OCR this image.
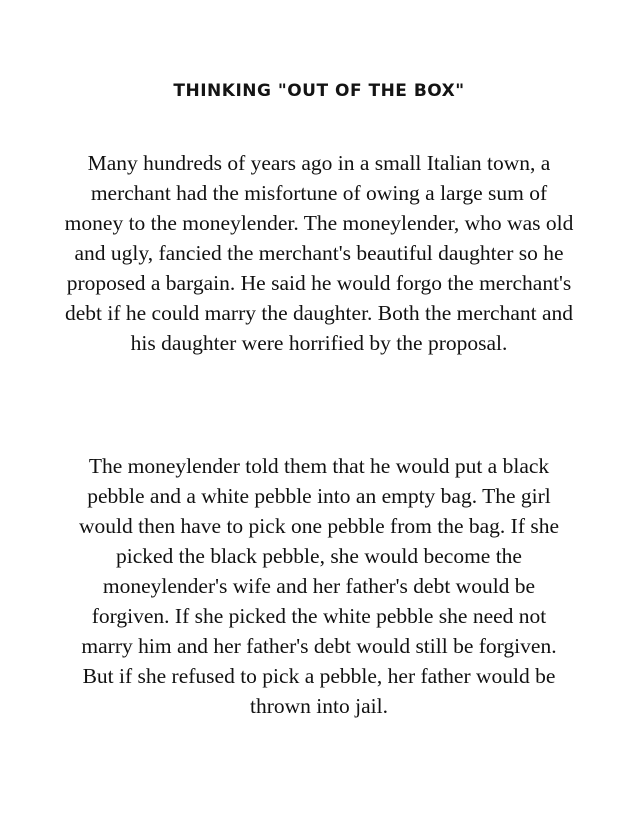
THINKING "OUT OF THE BOX"

Many hundreds of years ago in a small Italian town, a merchant had the misfortune of owing a large sum of money to the moneylender. The moneylender, who was old and ugly, fancied the merchant's beautiful daughter so he proposed a bargain. He said he would forgo the merchant's debt if he could marry the daughter. Both the merchant and his daughter were horrified by the proposal.

The moneylender told them that he would put a black pebble and a white pebble into an empty bag. The girl would then have to pick one pebble from the bag. If she picked the black pebble, she would become the moneylender's wife and her father's debt would be forgiven. If she picked the white pebble she need not marry him and her father's debt would still be forgiven. But if she refused to pick a pebble, her father would be thrown into jail.
